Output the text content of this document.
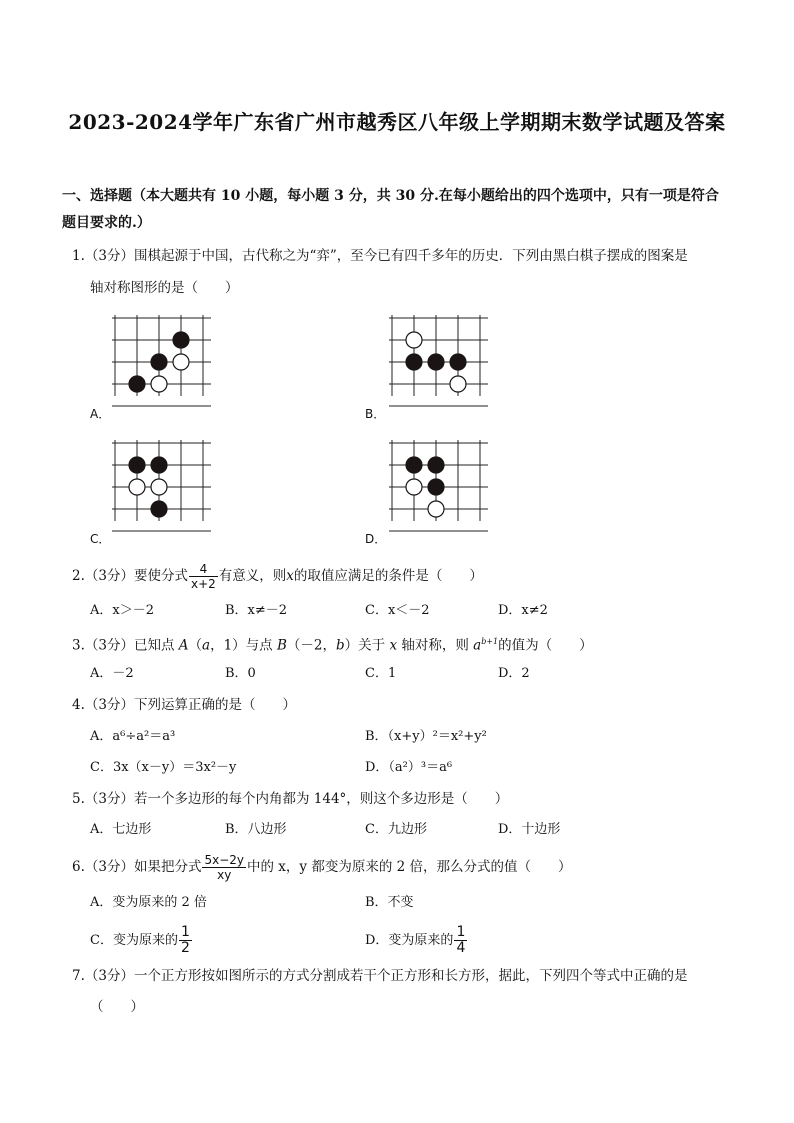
2023-2024学年广东省广州市越秀区八年级上学期期末数学试题及答案
一、选择题（本大题共有 10 小题，每小题 3 分，共 30 分.在每小题给出的四个选项中，只有一项是符合题目要求的.）
1.（3分）围棋起源于中国，古代称之为“弈”，至今已有四千多年的历史．下列由黑白棋子摆成的图案是
轴对称图形的是（　　）
A．	B．
C．	D．
2.（3分）要使分式 $\frac{4}{x+2}$ 有意义，则x的取值应满足的条件是（　　）
A．x＞－2	B．x≠－2	C．x＜－2	D．x≠2
3.（3分）已知点 A（a，1）与点 B（－2，b）关于 x 轴对称，则 $a^{b+1}$的值为（　　）
A．－2	B．0	C．1	D．2
4.（3分）下列运算正确的是（　　）
A．a⁶÷a²＝a³	B．（x+y）²＝x²+y²
C．3x（x－y）＝3x²－y	D．（a²）³＝a⁶
5.（3分）若一个多边形的每个内角都为 144°，则这个多边形是（　　）
A．七边形	B．八边形	C．九边形	D．十边形
6.（3分）如果把分式 $\frac{5x-2y}{xy}$ 中的 x，y 都变为原来的 2 倍，那么分式的值（　　）
A．变为原来的 2 倍	B．不变
C．变为原来的 $\frac{1}{2}$	D．变为原来的 $\frac{1}{4}$
7.（3分）一个正方形按如图所示的方式分割成若干个正方形和长方形，据此，下列四个等式中正确的是
（　　）
